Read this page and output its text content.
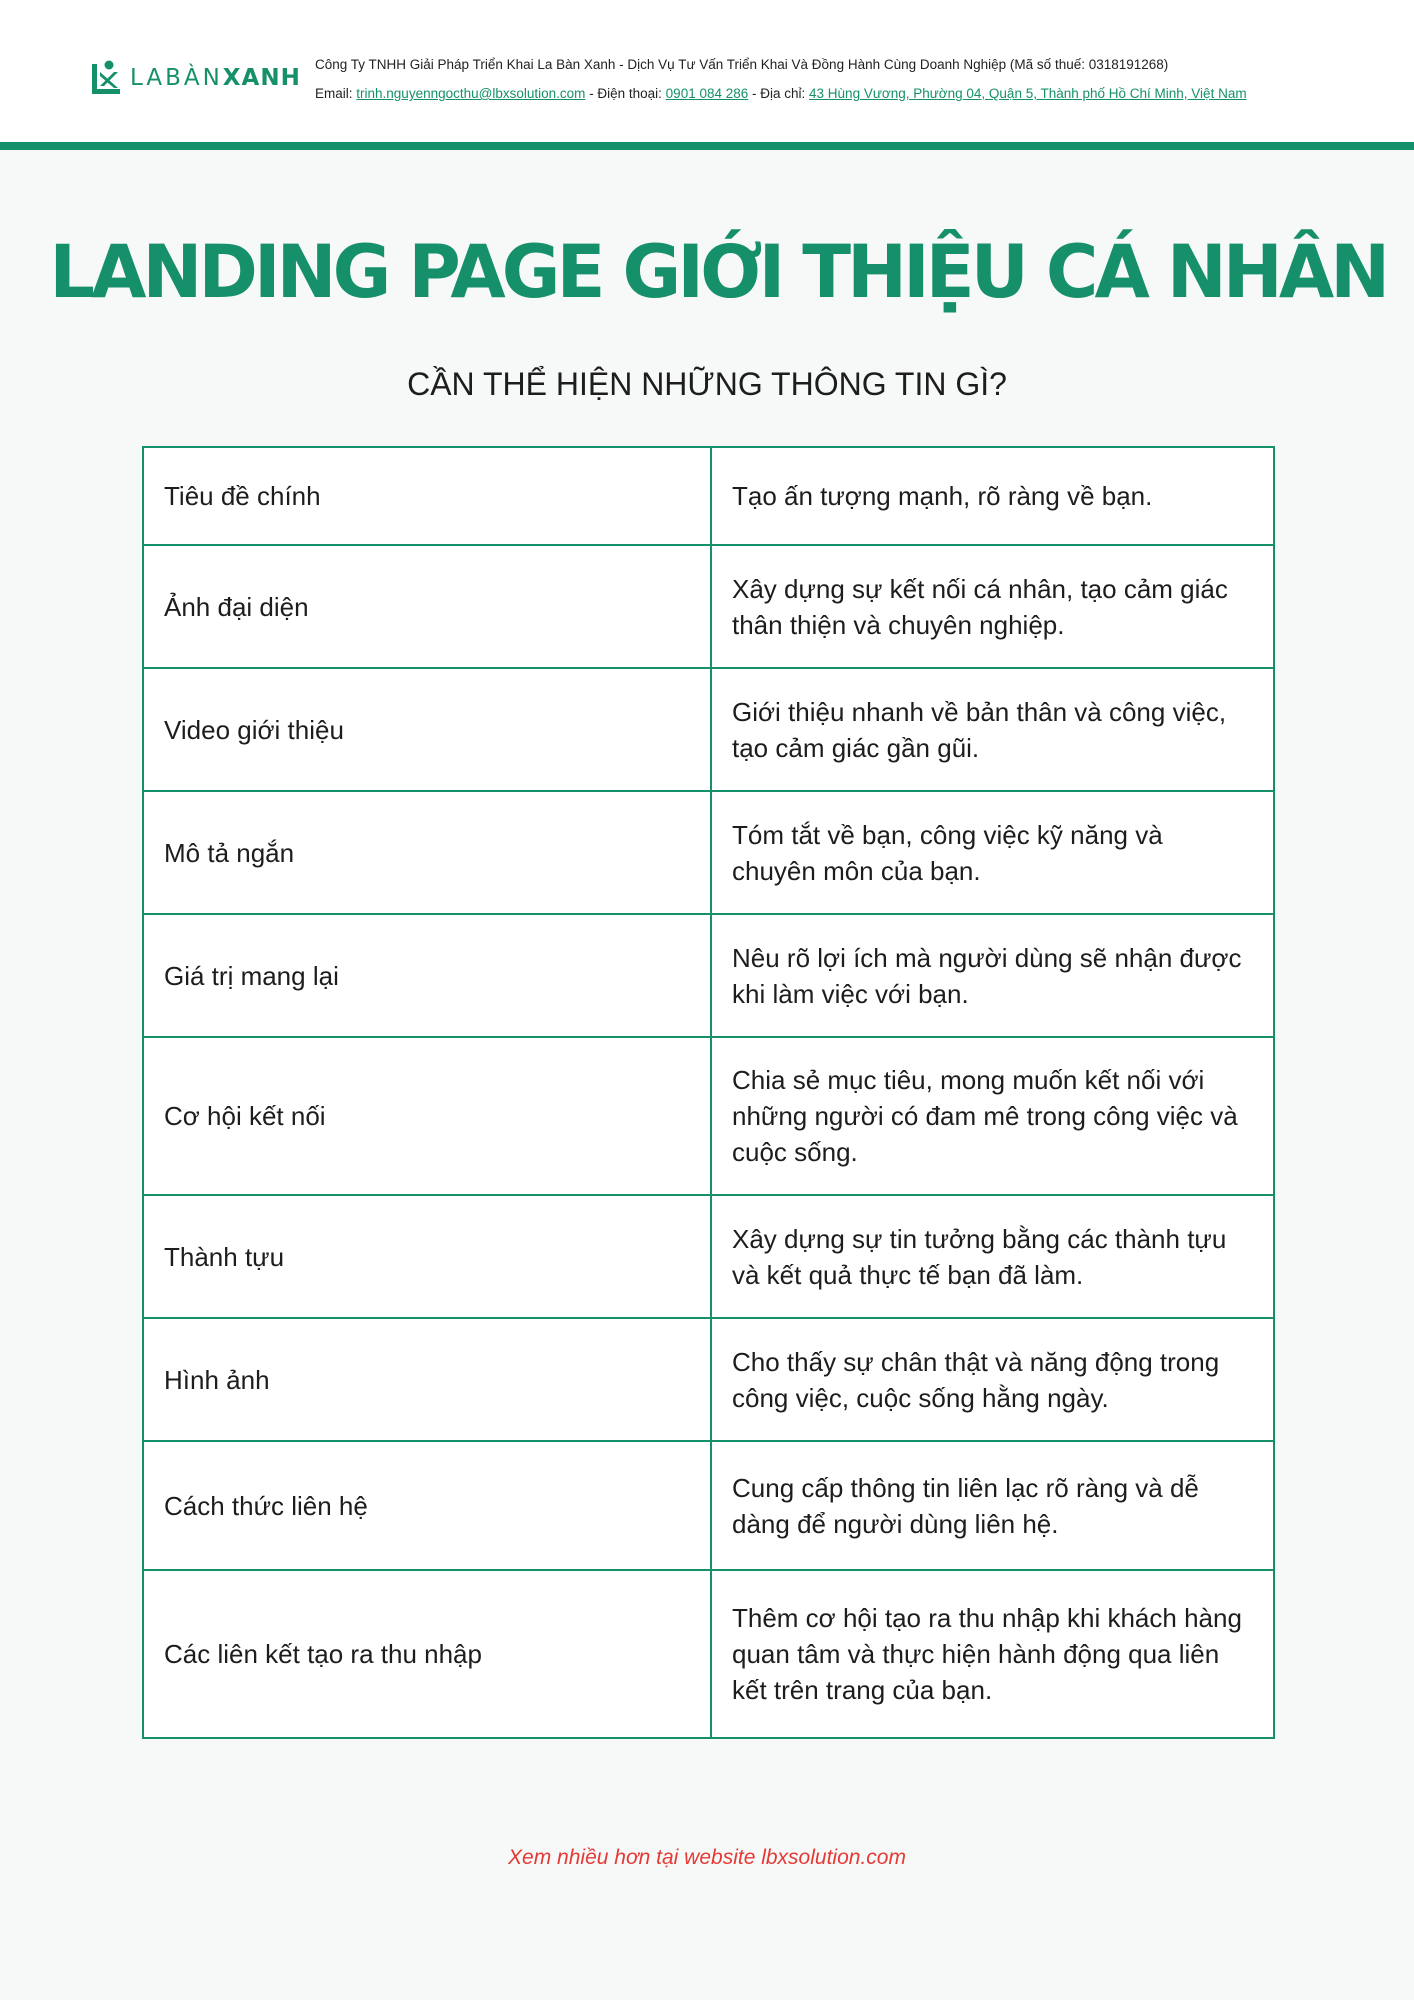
LABÀNXANH
Công Ty TNHH Giải Pháp Triển Khai La Bàn Xanh - Dịch Vụ Tư Vấn Triển Khai Và Đồng Hành Cùng Doanh Nghiệp (Mã số thuế: 0318191268)
Email: trinh.nguyenngocthu@lbxsolution.com - Điện thoại: 0901 084 286 - Địa chỉ: 43 Hùng Vương, Phường 04, Quận 5, Thành phố Hồ Chí Minh, Việt Nam
LANDING PAGE GIỚI THIỆU CÁ NHÂN
CẦN THỂ HIỆN NHỮNG THÔNG TIN GÌ?
Tiêu đề chính	Tạo ấn tượng mạnh, rõ ràng về bạn.
Ảnh đại diện	Xây dựng sự kết nối cá nhân, tạo cảm giác thân thiện và chuyên nghiệp.
Video giới thiệu	Giới thiệu nhanh về bản thân và công việc, tạo cảm giác gần gũi.
Mô tả ngắn	Tóm tắt về bạn, công việc kỹ năng và chuyên môn của bạn.
Giá trị mang lại	Nêu rõ lợi ích mà người dùng sẽ nhận được khi làm việc với bạn.
Cơ hội kết nối	Chia sẻ mục tiêu, mong muốn kết nối với những người có đam mê trong công việc và cuộc sống.
Thành tựu	Xây dựng sự tin tưởng bằng các thành tựu và kết quả thực tế bạn đã làm.
Hình ảnh	Cho thấy sự chân thật và năng động trong công việc, cuộc sống hằng ngày.
Cách thức liên hệ	Cung cấp thông tin liên lạc rõ ràng và dễ dàng để người dùng liên hệ.
Các liên kết tạo ra thu nhập	Thêm cơ hội tạo ra thu nhập khi khách hàng quan tâm và thực hiện hành động qua liên kết trên trang của bạn.
Xem nhiều hơn tại website lbxsolution.com
